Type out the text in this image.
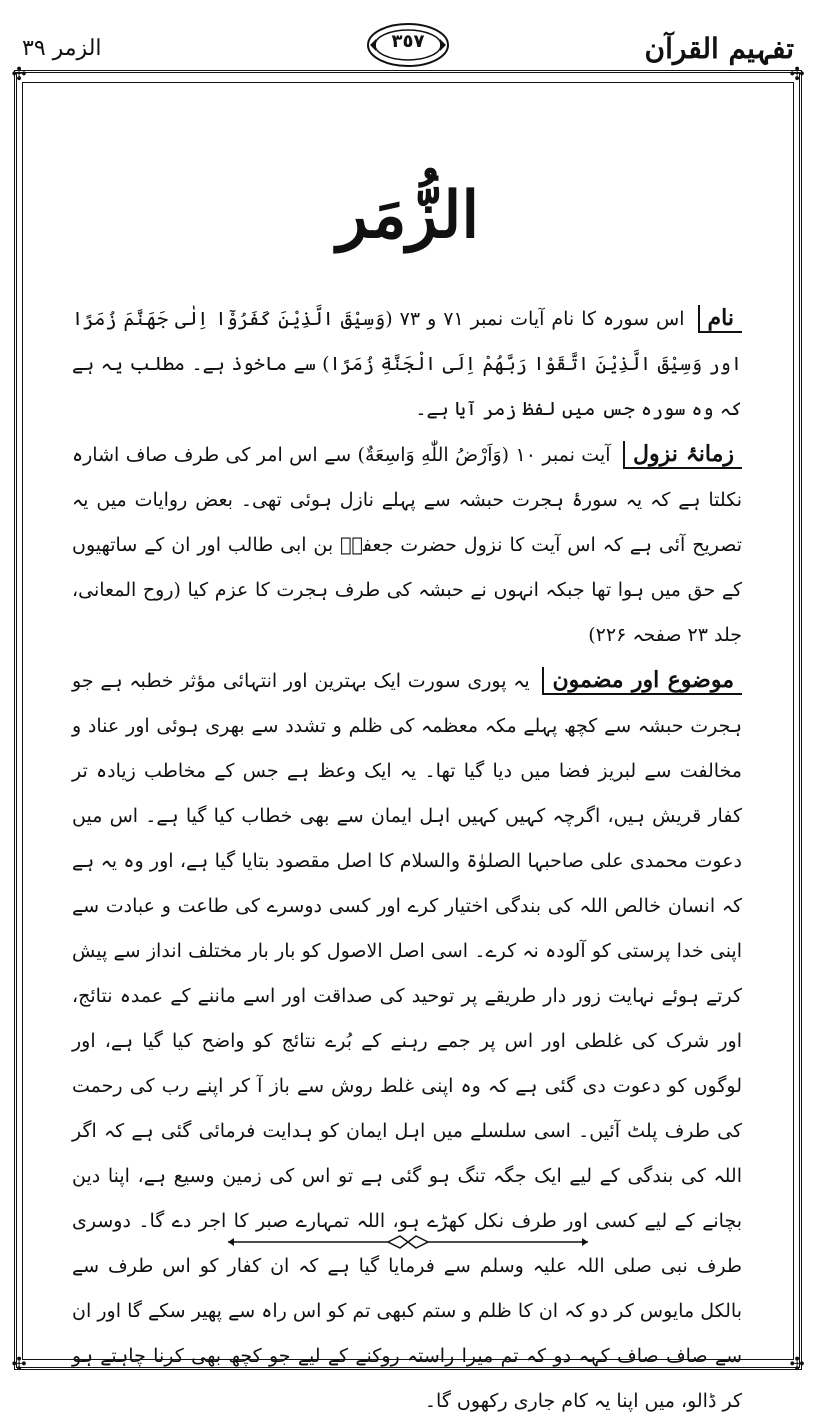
الزمر ٣٩	٣٥٧	تفہیم القرآن
✣	✣
✣	✣
الزُّمَر

نام اس سورہ کا نام آیات نمبر ۷۱ و ۷۳ (وَسِیْقَ الَّذِیْنَ کَفَرُوْٓا اِلٰی جَهَنَّمَ زُمَرًا اور وَسِیْقَ الَّذِیْنَ اتَّقَوْا رَبَّهُمْ اِلَى الْجَنَّةِ زُمَرًا) سے ماخوذ ہے۔ مطلب یہ ہے کہ وہ سورہ جس میں لفظ زمر آیا ہے۔

زمانۂ نزول آیت نمبر ۱۰ (وَاَرْضُ اللّٰهِ وَاسِعَةٌ) سے اس امر کی طرف صاف اشارہ نکلتا ہے کہ یہ سورۂ ہجرت حبشہ سے پہلے نازل ہوئی تھی۔ بعض روایات میں یہ تصریح آئی ہے کہ اس آیت کا نزول حضرت جعفرؓ بن ابی طالب اور ان کے ساتھیوں کے حق میں ہوا تھا جبکہ انہوں نے حبشہ کی طرف ہجرت کا عزم کیا (روح المعانی، جلد ۲۳ صفحہ ۲۲۶)

موضوع اور مضمون یہ پوری سورت ایک بہترین اور انتہائی مؤثر خطبہ ہے جو ہجرت حبشہ سے کچھ پہلے مکہ معظمہ کی ظلم و تشدد سے بھری ہوئی اور عناد و مخالفت سے لبریز فضا میں دیا گیا تھا۔ یہ ایک وعظ ہے جس کے مخاطب زیادہ تر کفار قریش ہیں، اگرچہ کہیں کہیں اہل ایمان سے بھی خطاب کیا گیا ہے۔ اس میں دعوت محمدی علی صاحبہا الصلوٰۃ والسلام کا اصل مقصود بتایا گیا ہے، اور وہ یہ ہے کہ انسان خالص اللہ کی بندگی اختیار کرے اور کسی دوسرے کی طاعت و عبادت سے اپنی خدا پرستی کو آلودہ نہ کرے۔ اسی اصل الاصول کو بار بار مختلف انداز سے پیش کرتے ہوئے نہایت زور دار طریقے پر توحید کی صداقت اور اسے ماننے کے عمدہ نتائج، اور شرک کی غلطی اور اس پر جمے رہنے کے بُرے نتائج کو واضح کیا گیا ہے، اور لوگوں کو دعوت دی گئی ہے کہ وہ اپنی غلط روش سے باز آ کر اپنے رب کی رحمت کی طرف پلٹ آئیں۔ اسی سلسلے میں اہل ایمان کو ہدایت فرمائی گئی ہے کہ اگر اللہ کی بندگی کے لیے ایک جگہ تنگ ہو گئی ہے تو اس کی زمین وسیع ہے، اپنا دین بچانے کے لیے کسی اور طرف نکل کھڑے ہو، اللہ تمہارے صبر کا اجر دے گا۔ دوسری طرف نبی صلی اللہ علیہ وسلم سے فرمایا گیا ہے کہ ان کفار کو اس طرف سے بالکل مایوس کر دو کہ ان کا ظلم و ستم کبھی تم کو اس راہ سے پھیر سکے گا اور ان سے صاف صاف کہہ دو کہ تم میرا راستہ روکنے کے لیے جو کچھ بھی کرنا چاہتے ہو کر ڈالو، میں اپنا یہ کام جاری رکھوں گا۔
